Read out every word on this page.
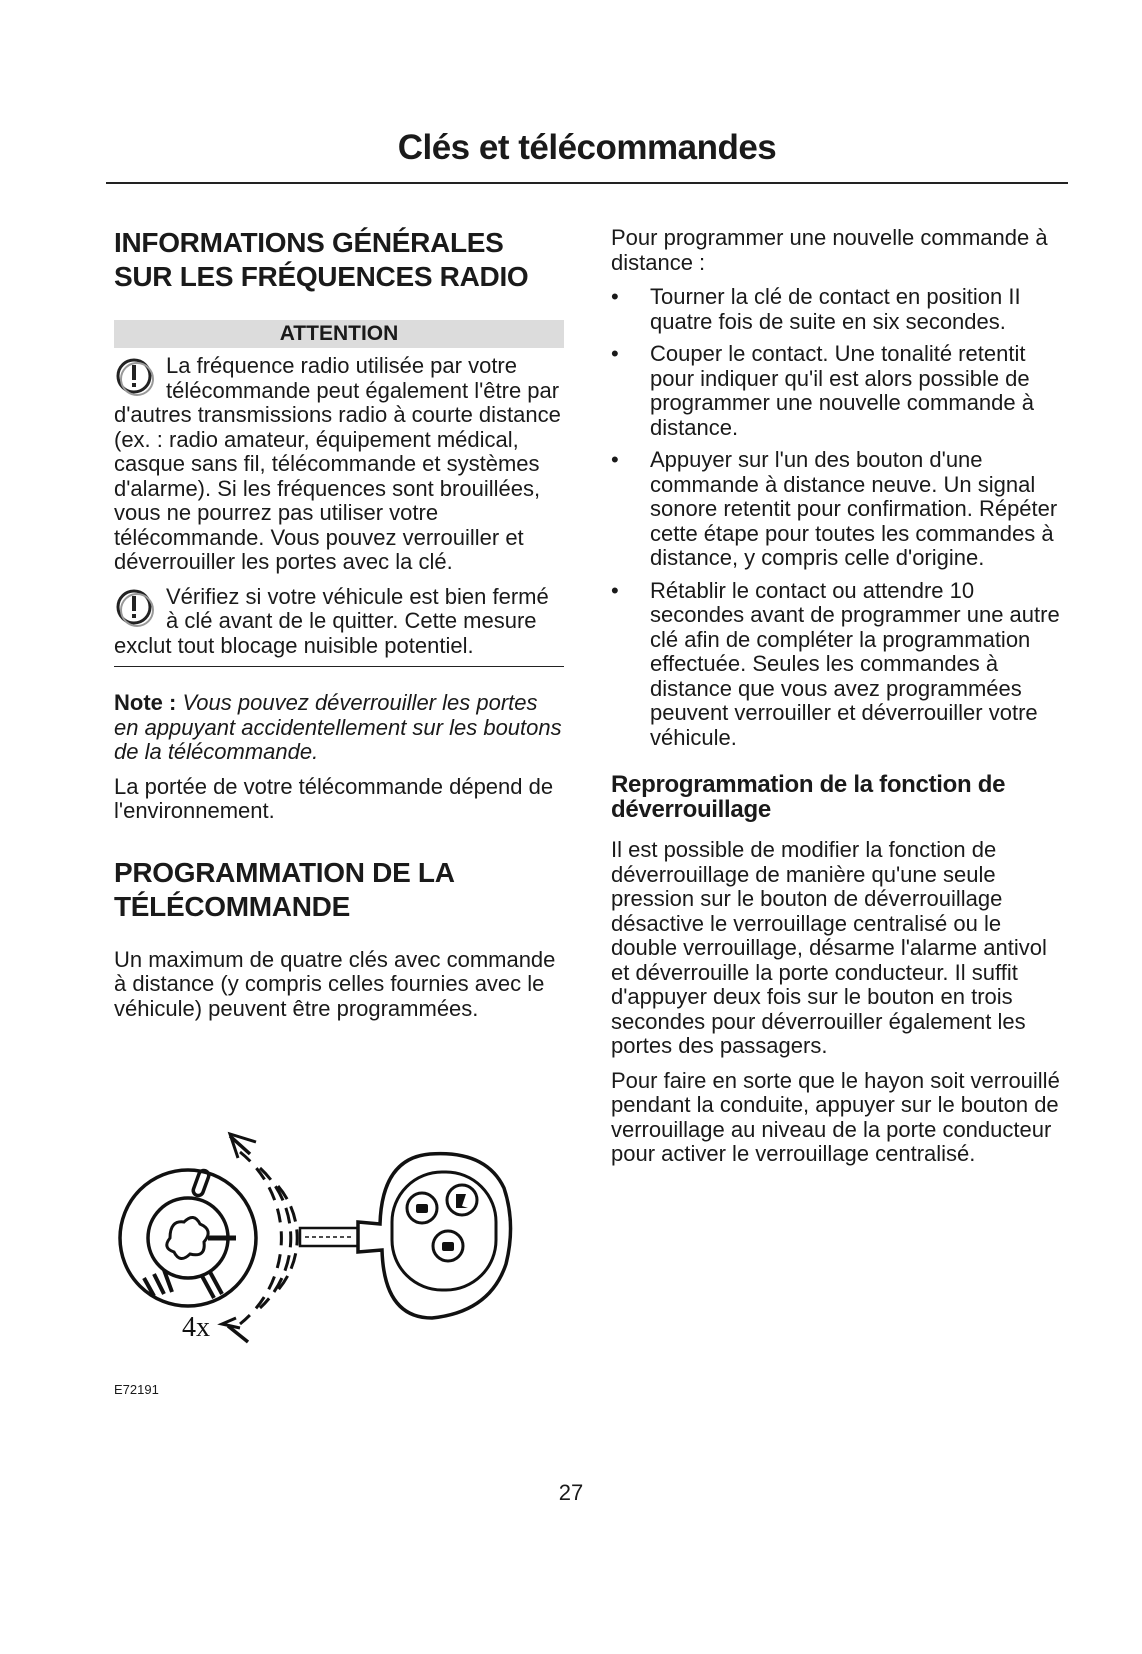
Clés et télécommandes
INFORMATIONS GÉNÉRALES SUR LES FRÉQUENCES RADIO
ATTENTION

La fréquence radio utilisée par votre télécommande peut également l'être par d'autres transmissions radio à courte distance (ex. : radio amateur, équipement médical, casque sans fil, télécommande et systèmes d'alarme). Si les fréquences sont brouillées, vous ne pourrez pas utiliser votre télécommande. Vous pouvez verrouiller et déverrouiller les portes avec la clé.

Vérifiez si votre véhicule est bien fermé à clé avant de le quitter. Cette mesure exclut tout blocage nuisible potentiel.

Note : Vous pouvez déverrouiller les portes en appuyant accidentellement sur les boutons de la télécommande.

La portée de votre télécommande dépend de l'environnement.

PROGRAMMATION DE LA TÉLÉCOMMANDE

Un maximum de quatre clés avec commande à distance (y compris celles fournies avec le véhicule) peuvent être programmées.

4x
E72191

Pour programmer une nouvelle commande à distance :

• Tourner la clé de contact en position II quatre fois de suite en six secondes.
• Couper le contact. Une tonalité retentit pour indiquer qu'il est alors possible de programmer une nouvelle commande à distance.
• Appuyer sur l'un des bouton d'une commande à distance neuve. Un signal sonore retentit pour confirmation. Répéter cette étape pour toutes les commandes à distance, y compris celle d'origine.
• Rétablir le contact ou attendre 10 secondes avant de programmer une autre clé afin de compléter la programmation effectuée. Seules les commandes à distance que vous avez programmées peuvent verrouiller et déverrouiller votre véhicule.
Reprogrammation de la fonction de déverrouillage

Il est possible de modifier la fonction de déverrouillage de manière qu'une seule pression sur le bouton de déverrouillage désactive le verrouillage centralisé ou le double verrouillage, désarme l'alarme antivol et déverrouille la porte conducteur. Il suffit d'appuyer deux fois sur le bouton en trois secondes pour déverrouiller également les portes des passagers.

Pour faire en sorte que le hayon soit verrouillé pendant la conduite, appuyer sur le bouton de verrouillage au niveau de la porte conducteur pour activer le verrouillage centralisé.

27
